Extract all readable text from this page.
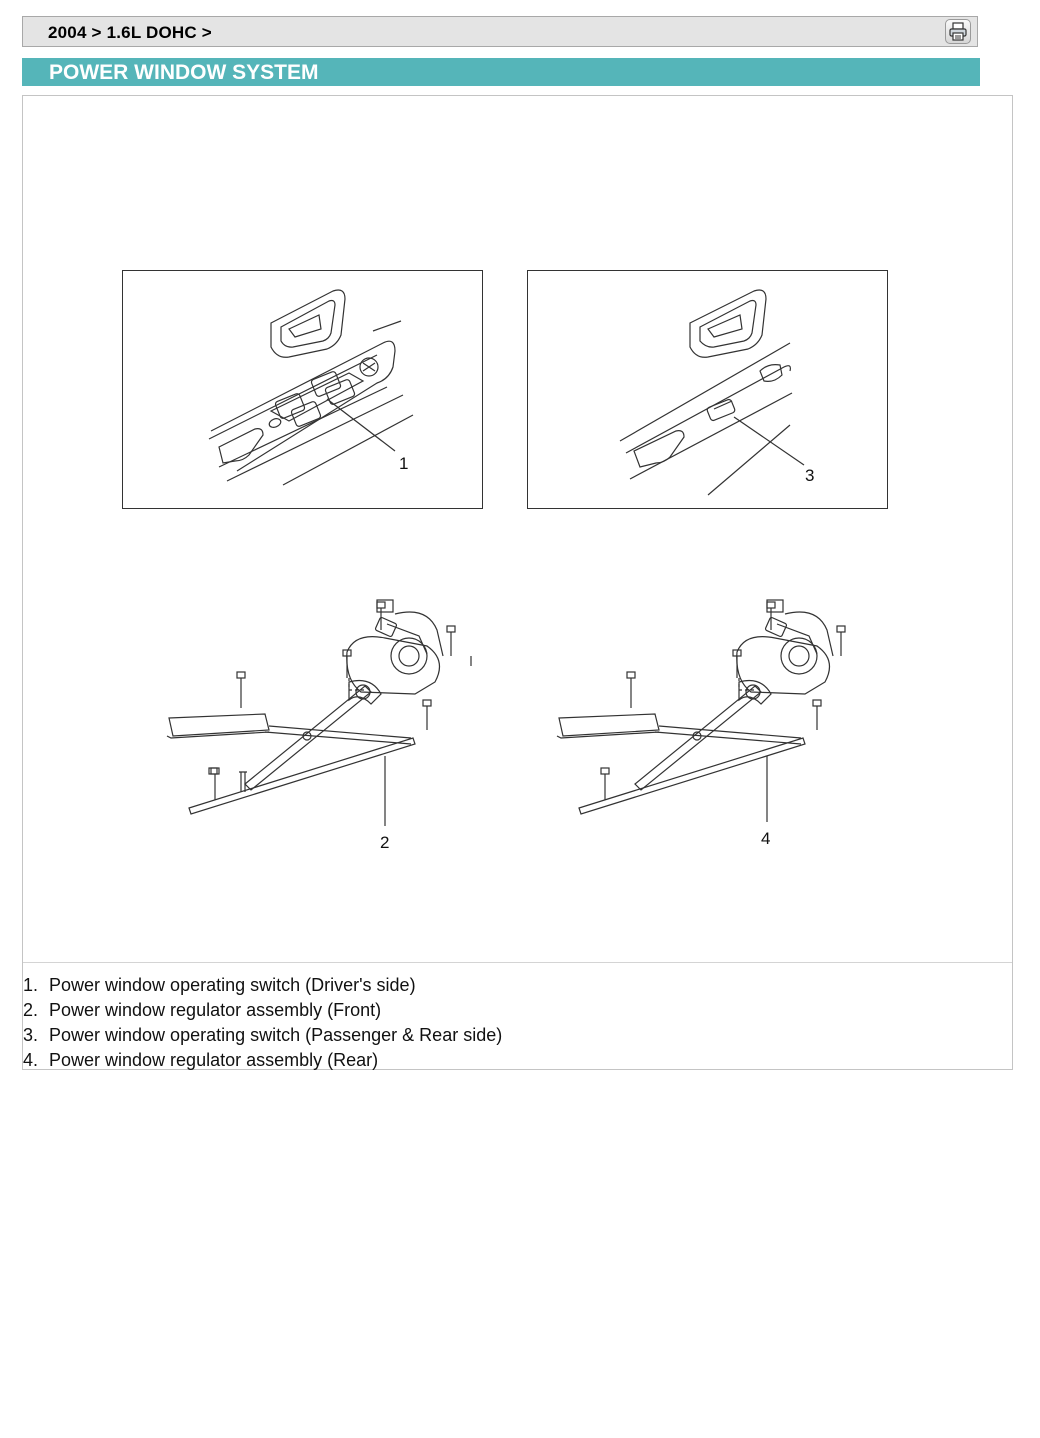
2004 > 1.6L DOHC >
POWER WINDOW SYSTEM
1
3
2	4
1. Power window operating switch (Driver's side)
2. Power window regulator assembly (Front)
3. Power window operating switch (Passenger & Rear side)
4. Power window regulator assembly (Rear)
